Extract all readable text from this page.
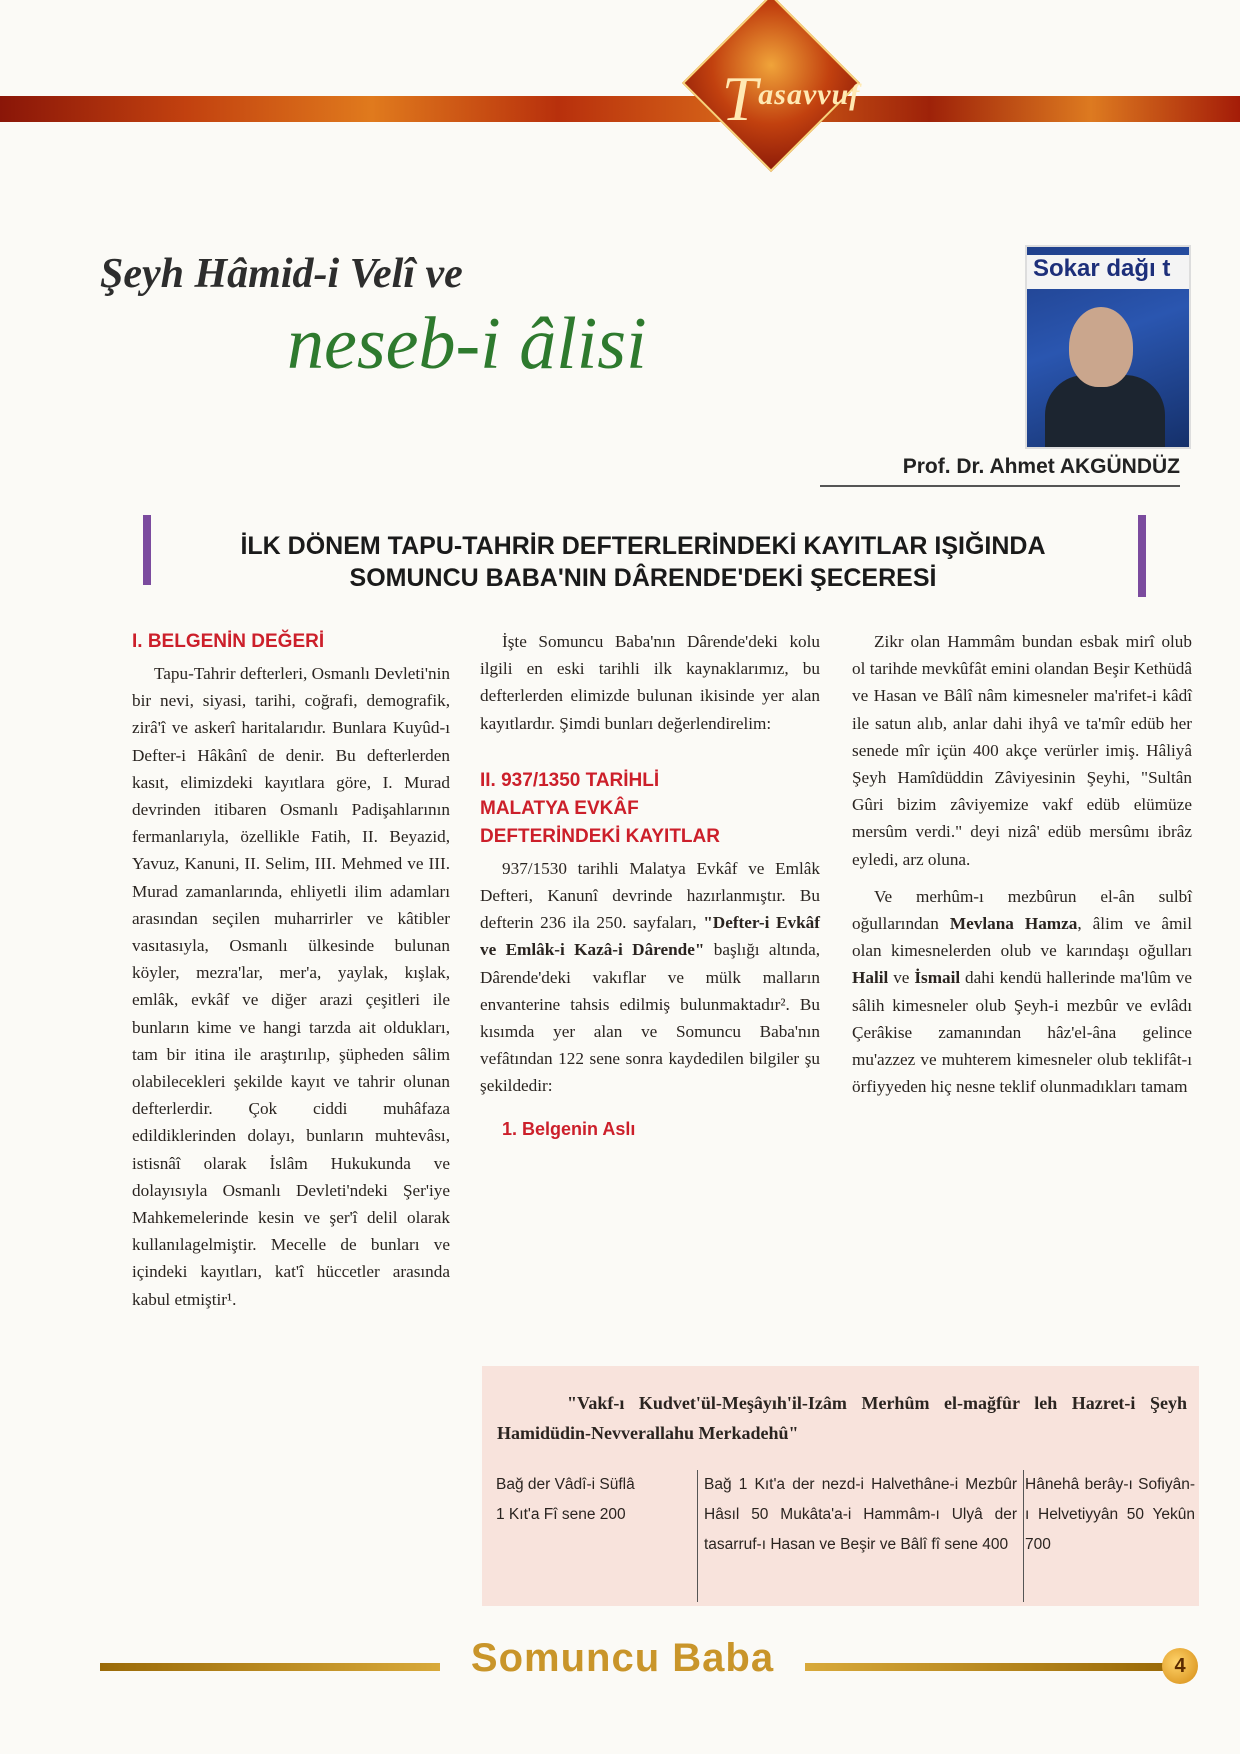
Tasavvuf
Şeyh Hâmid-i Velî ve
neseb-i âlisi
Sokar dağı t
Prof. Dr. Ahmet AKGÜNDÜZ
İLK DÖNEM TAPU-TAHRİR DEFTERLERİNDEKİ KAYITLAR IŞIĞINDA
SOMUNCU BABA'NIN DÂRENDE'DEKİ ŞECERESİ

I. BELGENİN DEĞERİ

Tapu-Tahrir defterleri, Osmanlı Devleti'nin bir nevi, siyasi, tarihi, coğrafi, demografik, zirâ'î ve askerî haritalarıdır. Bunlara Kuyûd-ı Defter-i Hâkânî de denir. Bu defterlerden kasıt, elimizdeki kayıtlara göre, I. Murad devrinden itibaren Osmanlı Padişahlarının fermanlarıyla, özellikle Fatih, II. Beyazid, Yavuz, Kanuni, II. Selim, III. Mehmed ve III. Murad zamanlarında, ehliyetli ilim adamları arasından seçilen muharrirler ve kâtibler vasıtasıyla, Osmanlı ülkesinde bulunan köyler, mezra'lar, mer'a, yaylak, kışlak, emlâk, evkâf ve diğer arazi çeşitleri ile bunların kime ve hangi tarzda ait oldukları, tam bir itina ile araştırılıp, şüpheden sâlim olabilecekleri şekilde kayıt ve tahrir olunan defterlerdir. Çok ciddi muhâfaza edildiklerinden dolayı, bunların muhtevâsı, istisnâî olarak İslâm Hukukunda ve dolayısıyla Osmanlı Devleti'ndeki Şer'iye Mahkemelerinde kesin ve şer'î delil olarak kullanılagelmiştir. Mecelle de bunları ve içindeki kayıtları, kat'î hüccetler arasında kabul etmiştir¹.

İşte Somuncu Baba'nın Dârende'deki kolu ilgili en eski tarihli ilk kaynaklarımız, bu defterlerden elimizde bulunan ikisinde yer alan kayıtlardır. Şimdi bunları değerlendirelim:

II. 937/1350 TARİHLİ
MALATYA EVKÂF
DEFTERİNDEKİ KAYITLAR

937/1530 tarihli Malatya Evkâf ve Emlâk Defteri, Kanunî devrinde hazırlanmıştır. Bu defterin 236 ila 250. sayfaları, "Defter-i Evkâf ve Emlâk-i Kazâ-i Dârende" başlığı altında, Dârende'deki vakıflar ve mülk malların envanterine tahsis edilmiş bulunmaktadır². Bu kısımda yer alan ve Somuncu Baba'nın vefâtından 122 sene sonra kaydedilen bilgiler şu şekildedir:

1. Belgenin Aslı

Zikr olan Hammâm bundan esbak mirî olub ol tarihde mevkûfât emini olandan Beşir Kethüdâ ve Hasan ve Bâlî nâm kimesneler ma'rifet-i kâdî ile satun alıb, anlar dahi ihyâ ve ta'mîr edüb her senede mîr içün 400 akçe verürler imiş. Hâliyâ Şeyh Hamîdüddin Zâviyesinin Şeyhi, "Sultân Gûri bizim zâviyemize vakf edüb elümüze mersûm verdi." deyi nizâ' edüb mersûmı ibrâz eyledi, arz oluna.

Ve merhûm-ı mezbûrun el-ân sulbî oğullarından Mevlana Hamza, âlim ve âmil olan kimesnelerden olub ve karındaşı oğulları Halil ve İsmail dahi kendü hallerinde ma'lûm ve sâlih kimesneler olub Şeyh-i mezbûr ve evlâdı Çerâkise zamanından hâz'el-âna gelince mu'azzez ve muhterem kimesneler olub teklifât-ı örfiyyeden hiç nesne teklif olunmadıkları tamam

"Vakf-ı Kudvet'ül-Meşâyıh'il-Izâm Merhûm el-mağfûr leh Hazret-i Şeyh Hamidüdin-Nevverallahu Merkadehû"
Bağ der Vâdî-i Süflâ
1 Kıt'a Fî sene 200
Bağ 1 Kıt'a der nezd-i Halvethâne-i Mezbûr Hâsıl 50 Mukâta'a-i Hammâm-ı Ulyâ der tasarruf-ı Hasan ve Beşir ve Bâlî fî sene 400
Hânehâ berây-ı Sofiyân-ı Helvetiyyân 50 Yekûn 700
Somuncu Baba	4
